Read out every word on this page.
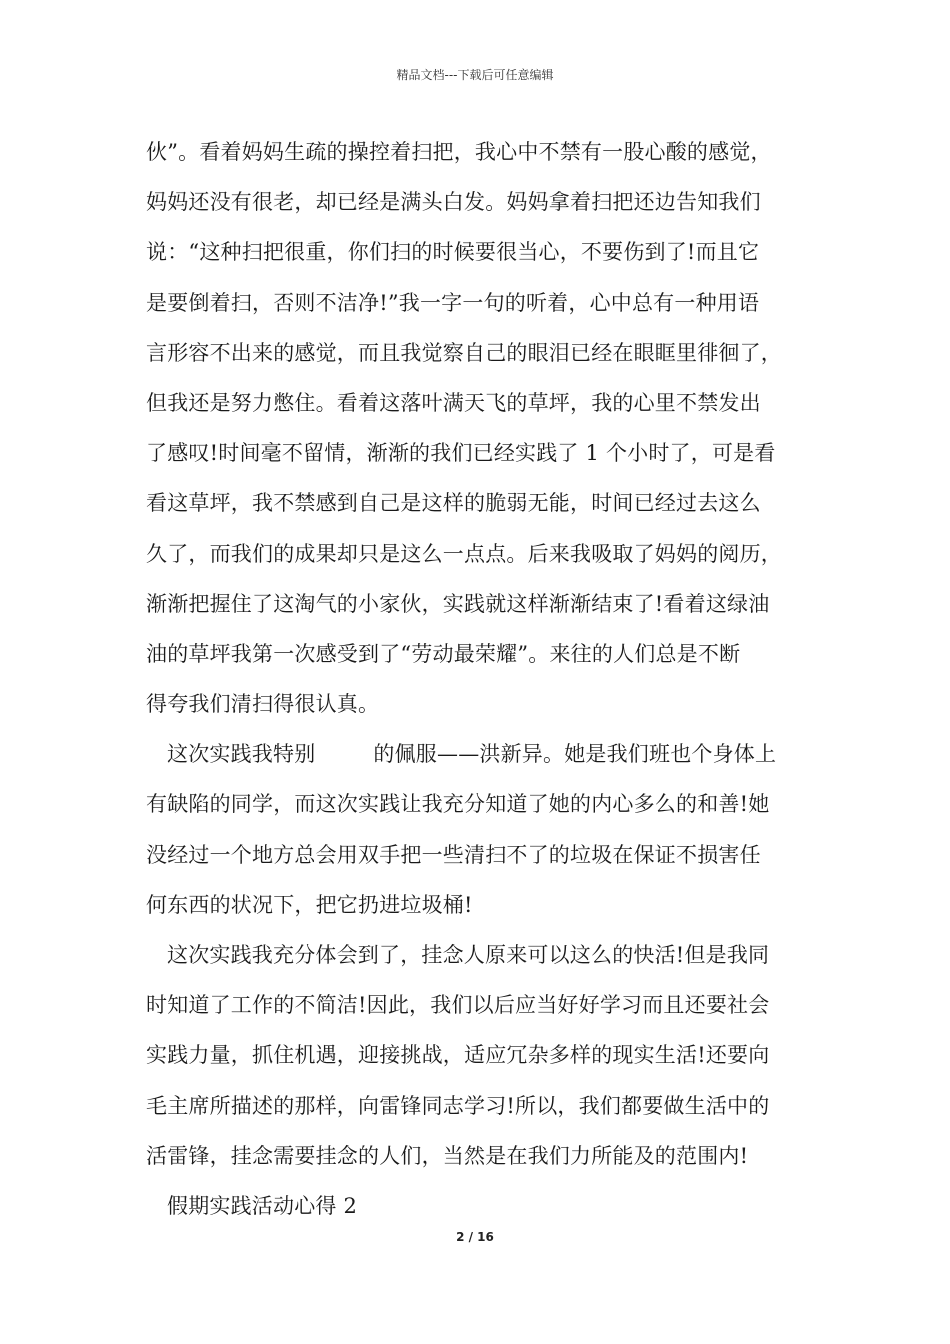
精品文档---下载后可任意编辑
伙”。看着妈妈生疏的操控着扫把，我心中不禁有一股心酸的感觉，
妈妈还没有很老，却已经是满头白发。妈妈拿着扫把还边告知我们
说：“这种扫把很重，你们扫的时候要很当心，不要伤到了!而且它
是要倒着扫，否则不洁净!”我一字一句的听着，心中总有一种用语
言形容不出来的感觉，而且我觉察自己的眼泪已经在眼眶里徘徊了，
但我还是努力憋住。看着这落叶满天飞的草坪，我的心里不禁发出
了感叹!时间毫不留情，渐渐的我们已经实践了 1 个小时了，可是看
看这草坪，我不禁感到自己是这样的脆弱无能，时间已经过去这么
久了，而我们的成果却只是这么一点点。后来我吸取了妈妈的阅历，
渐渐把握住了这淘气的小家伙，实践就这样渐渐结束了!看着这绿油
油的草坪我第一次感受到了“劳动最荣耀”。来往的人们总是不断
得夸我们清扫得很认真。
这次实践我特别	的佩服——洪新异。她是我们班也个身体上
有缺陷的同学，而这次实践让我充分知道了她的内心多么的和善!她
没经过一个地方总会用双手把一些清扫不了的垃圾在保证不损害任
何东西的状况下，把它扔进垃圾桶!
这次实践我充分体会到了，挂念人原来可以这么的快活!但是我同
时知道了工作的不简洁!因此，我们以后应当好好学习而且还要社会
实践力量，抓住机遇，迎接挑战，适应冗杂多样的现实生活!还要向
毛主席所描述的那样，向雷锋同志学习!所以，我们都要做生活中的
活雷锋，挂念需要挂念的人们，当然是在我们力所能及的范围内!
假期实践活动心得 2
2 / 16
